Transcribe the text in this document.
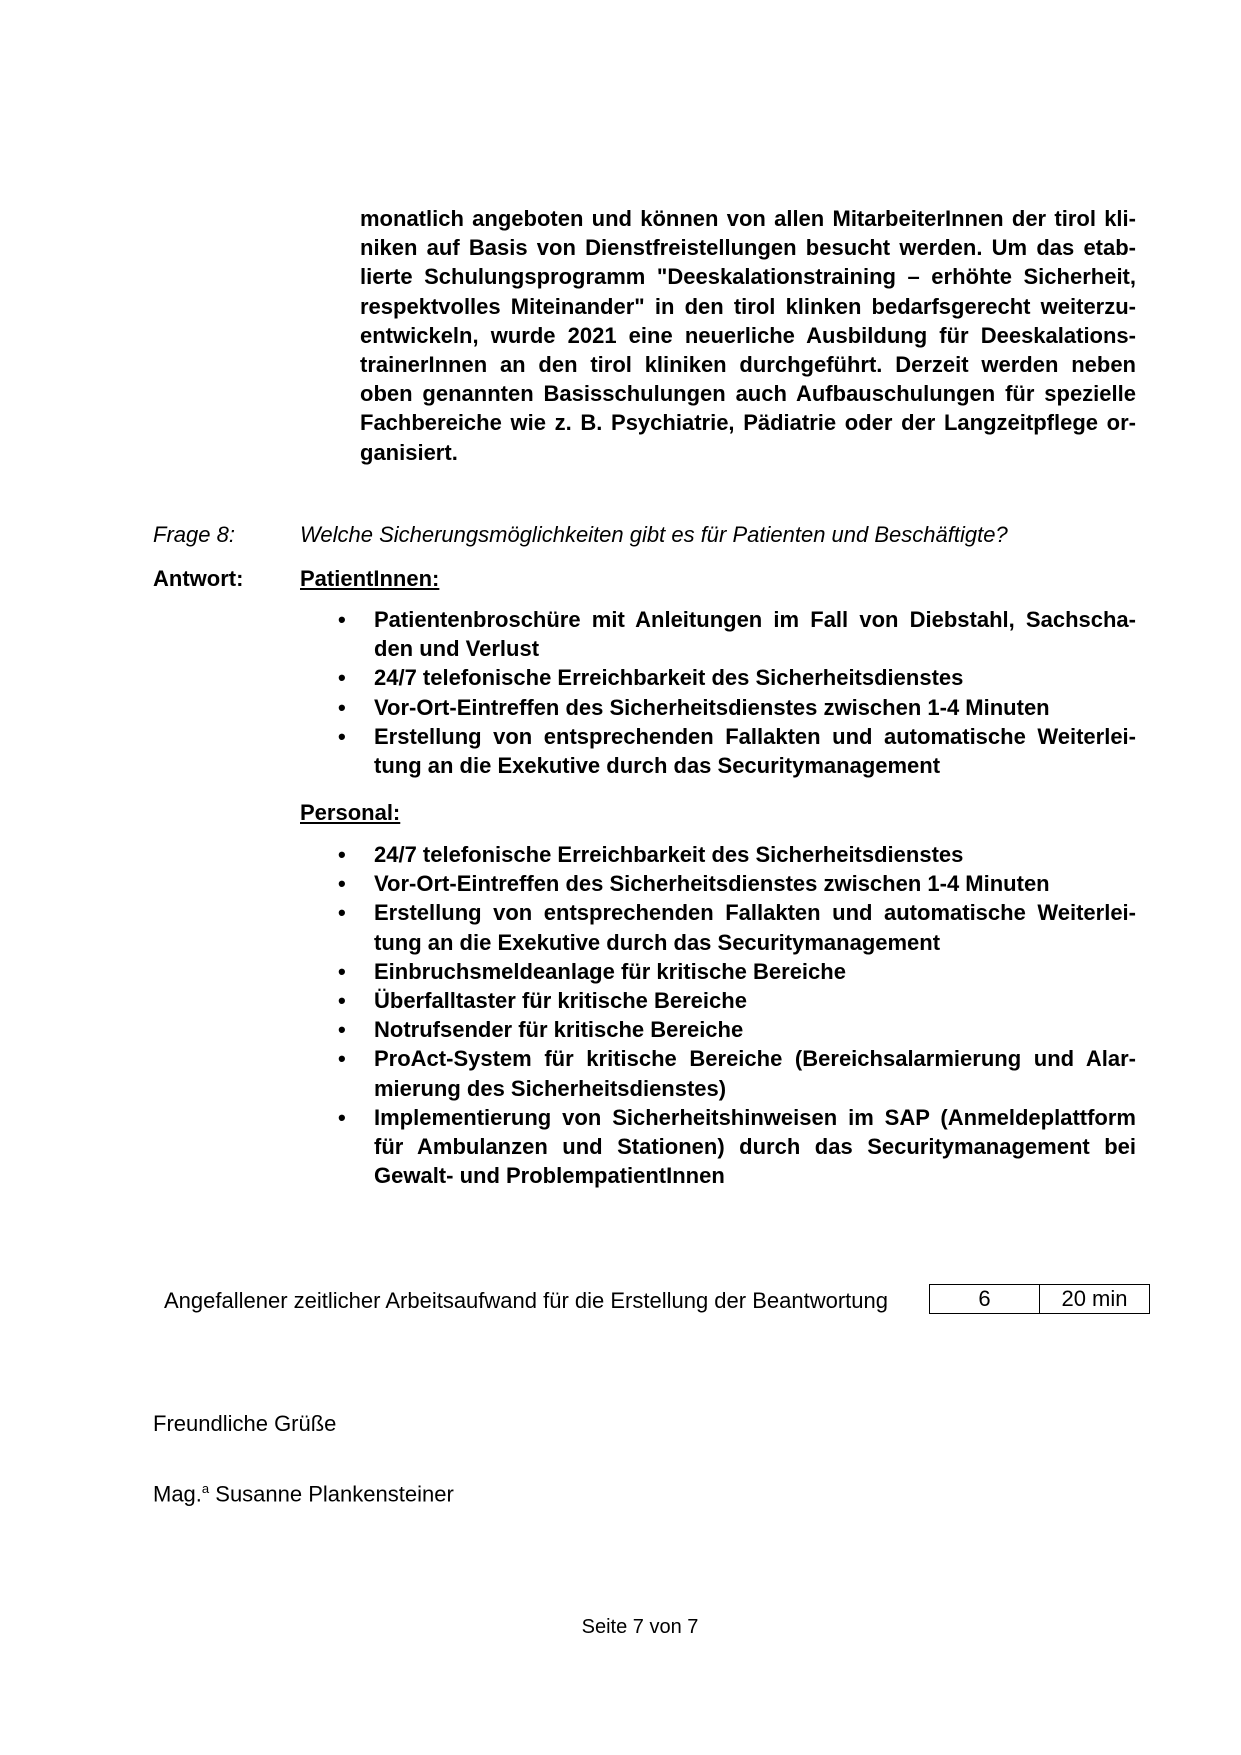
monatlich angeboten und können von allen MitarbeiterInnen der tirol kli-
niken auf Basis von Dienstfreistellungen besucht werden. Um das etab-
lierte Schulungsprogramm "Deeskalationstraining – erhöhte Sicherheit,
respektvolles Miteinander" in den tirol klinken bedarfsgerecht weiterzu-
entwickeln, wurde 2021 eine neuerliche Ausbildung für Deeskalations-
trainerInnen an den tirol kliniken durchgeführt. Derzeit werden neben
oben genannten Basisschulungen auch Aufbauschulungen für spezielle
Fachbereiche wie z. B. Psychiatrie, Pädiatrie oder der Langzeitpflege or-
ganisiert.
Frage 8:	Welche Sicherungsmöglichkeiten gibt es für Patienten und Beschäftigte?
Antwort:	PatientInnen:
• Patientenbroschüre mit Anleitungen im Fall von Diebstahl, Sachscha-
den und Verlust
• 24/7 telefonische Erreichbarkeit des Sicherheitsdienstes
• Vor-Ort-Eintreffen des Sicherheitsdienstes zwischen 1-4 Minuten
• Erstellung von entsprechenden Fallakten und automatische Weiterlei-
tung an die Exekutive durch das Securitymanagement
Personal:
• 24/7 telefonische Erreichbarkeit des Sicherheitsdienstes
• Vor-Ort-Eintreffen des Sicherheitsdienstes zwischen 1-4 Minuten
• Erstellung von entsprechenden Fallakten und automatische Weiterlei-
tung an die Exekutive durch das Securitymanagement
• Einbruchsmeldeanlage für kritische Bereiche
• Überfalltaster für kritische Bereiche
• Notrufsender für kritische Bereiche
• ProAct-System für kritische Bereiche (Bereichsalarmierung und Alar-
mierung des Sicherheitsdienstes)
• Implementierung von Sicherheitshinweisen im SAP (Anmeldeplattform
für Ambulanzen und Stationen) durch das Securitymanagement bei
Gewalt- und ProblempatientInnen
Angefallener zeitlicher Arbeitsaufwand für die Erstellung der Beantwortung	6	20 min
Freundliche Grüße
Mag.$^a$ Susanne Plankensteiner
Seite 7 von 7
